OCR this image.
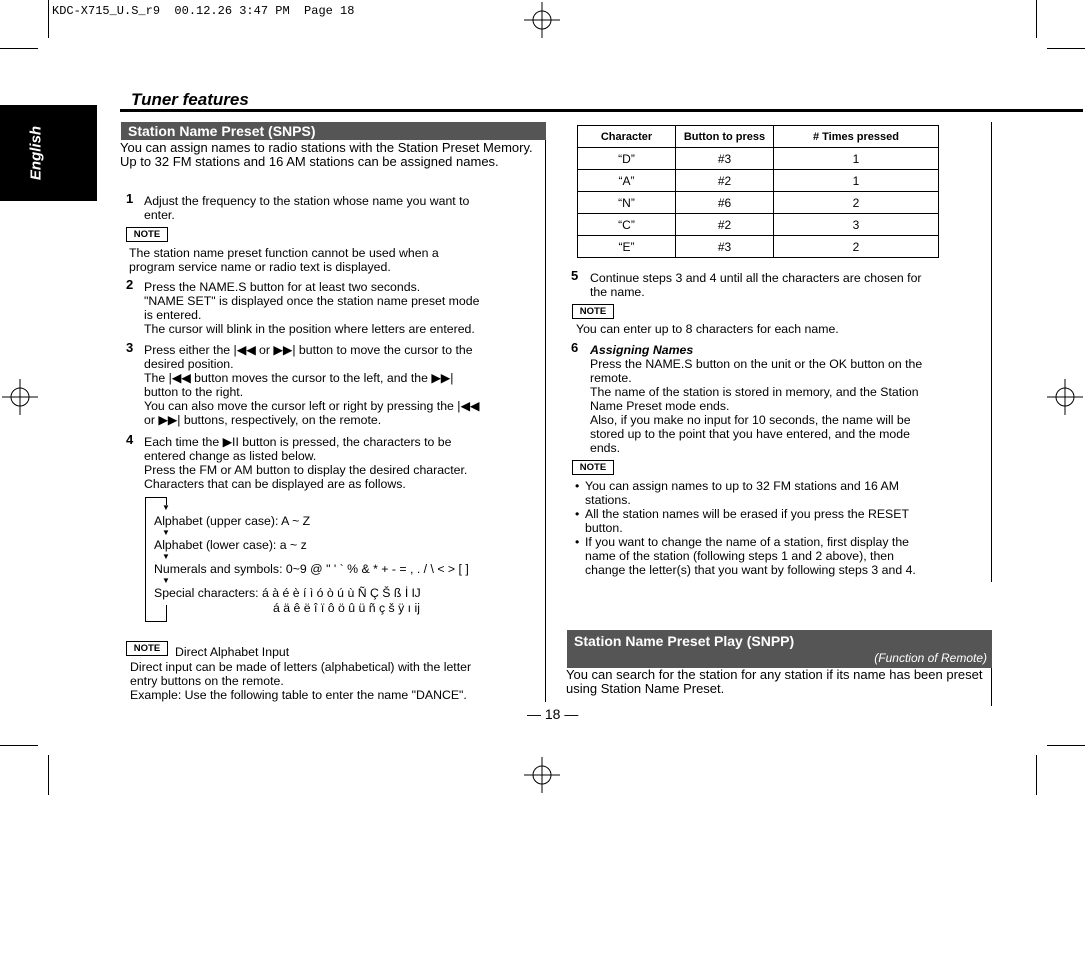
KDC-X715_U.S_r9  00.12.26 3:47 PM  Page 18
English
Tuner features
Station Name Preset (SNPS)
You can assign names to radio stations with the Station Preset Memory. Up to 32 FM stations and 16 AM stations can be assigned names.
1 Adjust the frequency to the station whose name you want to
enter.
NOTE
The station name preset function cannot be used when a
program service name or radio text is displayed.
2 Press the NAME.S button for at least two seconds.
"NAME SET" is displayed once the station name preset mode
is entered.
The cursor will blink in the position where letters are entered.
3 Press either the |◀◀ or ▶▶| button to move the cursor to the
desired position.
The |◀◀ button moves the cursor to the left, and the ▶▶|
button to the right.
You can also move the cursor left or right by pressing the |◀◀
or ▶▶| buttons, respectively, on the remote.
4 Each time the ▶II button is pressed, the characters to be
entered change as listed below.
Press the FM or AM button to display the desired character.
Characters that can be displayed are as follows.
▼
Alphabet (upper case): A ~ Z
▼
Alphabet (lower case): a ~ z
▼
Numerals and symbols: 0~9 @ " ' ` % & * + - = , . / \ < > [ ]
▼
Special characters: á à é è í ì ó ò ú ù Ñ Ç Š ß İ Ĳ
á ä ê ë î ï ô ö û ü ñ ç š ÿ ı ĳ
NOTE	Direct Alphabet Input
Direct input can be made of letters (alphabetical) with the letter
entry buttons on the remote.
Example: Use the following table to enter the name "DANCE".
Character	Button to press	# Times pressed
“D”	#3	1
“A”	#2	1
“N”	#6	2
“C”	#2	3
“E”	#3	2
5 Continue steps 3 and 4 until all the characters are chosen for
the name.
NOTE
You can enter up to 8 characters for each name.
6 Assigning Names
Press the NAME.S button on the unit or the OK button on the
remote.
The name of the station is stored in memory, and the Station
Name Preset mode ends.
Also, if you make no input for 10 seconds, the name will be
stored up to the point that you have entered, and the mode
ends.
NOTE
• You can assign names to up to 32 FM stations and 16 AM
stations.
• All the station names will be erased if you press the RESET
button.
• If you want to change the name of a station, first display the
name of the station (following steps 1 and 2 above), then
change the letter(s) that you want by following steps 3 and 4.
Station Name Preset Play (SNPP)
(Function of Remote)
You can search for the station for any station if its name has been preset using Station Name Preset.
— 18 —
